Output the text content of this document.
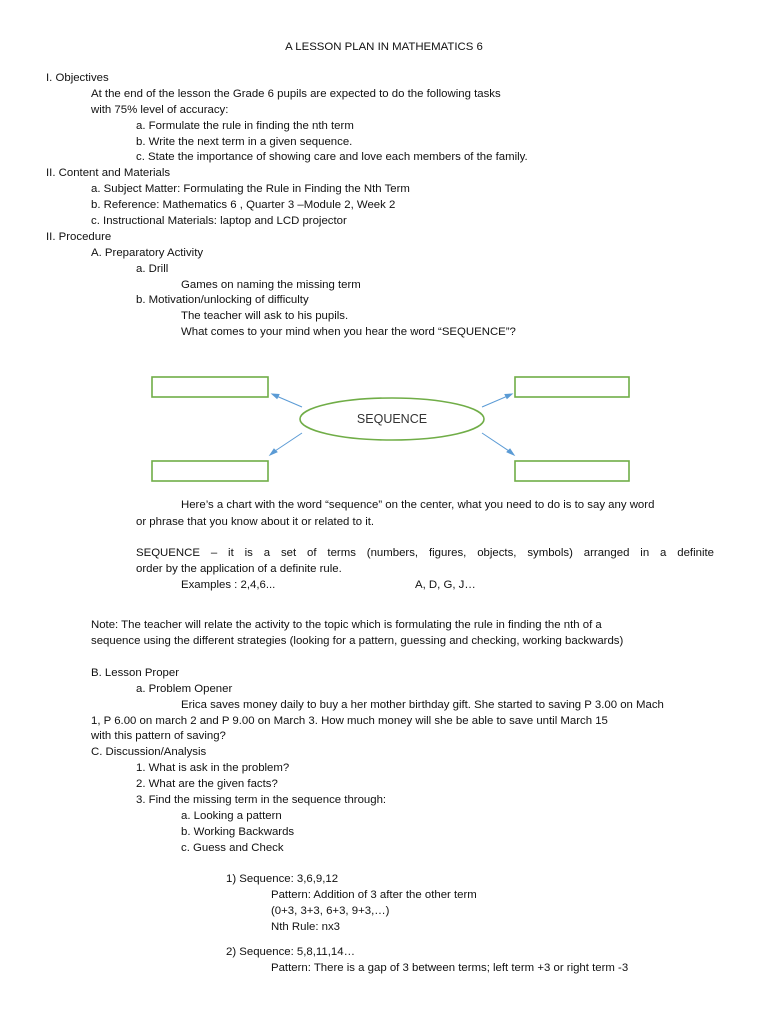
A LESSON PLAN IN MATHEMATICS 6
I. Objectives
At the end of the lesson the Grade 6 pupils are expected to do the following tasks
with 75% level of accuracy:
a. Formulate the rule in finding the nth term
b. Write the next term in a given sequence.
c. State the importance of showing care and love each members of the family.
II. Content and Materials
a. Subject Matter: Formulating the Rule in Finding the Nth Term
b. Reference: Mathematics 6 , Quarter 3 –Module 2, Week 2
c. Instructional Materials: laptop and LCD projector
II. Procedure
A. Preparatory Activity
a. Drill
Games on naming the missing term
b. Motivation/unlocking of difficulty
The teacher will ask to his pupils.
What comes to your mind when you hear the word “SEQUENCE”?
SEQUENCE
Here’s a chart with the word “sequence” on the center, what you need to do is to say any word
or phrase that you know about it or related to it.
SEQUENCE – it is a set of terms (numbers, figures, objects, symbols) arranged in a definite
order by the application of a definite rule.
Examples : 2,4,6...	A, D, G, J…
Note: The teacher will relate the activity to the topic which is formulating the rule in finding the nth of a
sequence using the different strategies (looking for a pattern, guessing and checking, working backwards)
B. Lesson Proper
a. Problem Opener
Erica saves money daily to buy a her mother birthday gift. She started to saving P 3.00 on Mach
1, P 6.00 on march 2 and P 9.00 on March 3. How much money will she be able to save until March 15
with this pattern of saving?
C. Discussion/Analysis
1. What is ask in the problem?
2. What are the given facts?
3. Find the missing term in the sequence through:
a. Looking a pattern
b. Working Backwards
c. Guess and Check
1) Sequence: 3,6,9,12
Pattern: Addition of 3 after the other term
(0+3, 3+3, 6+3, 9+3,…)
Nth Rule: nx3
2) Sequence: 5,8,11,14…
Pattern: There is a gap of 3 between terms; left term +3 or right term -3
